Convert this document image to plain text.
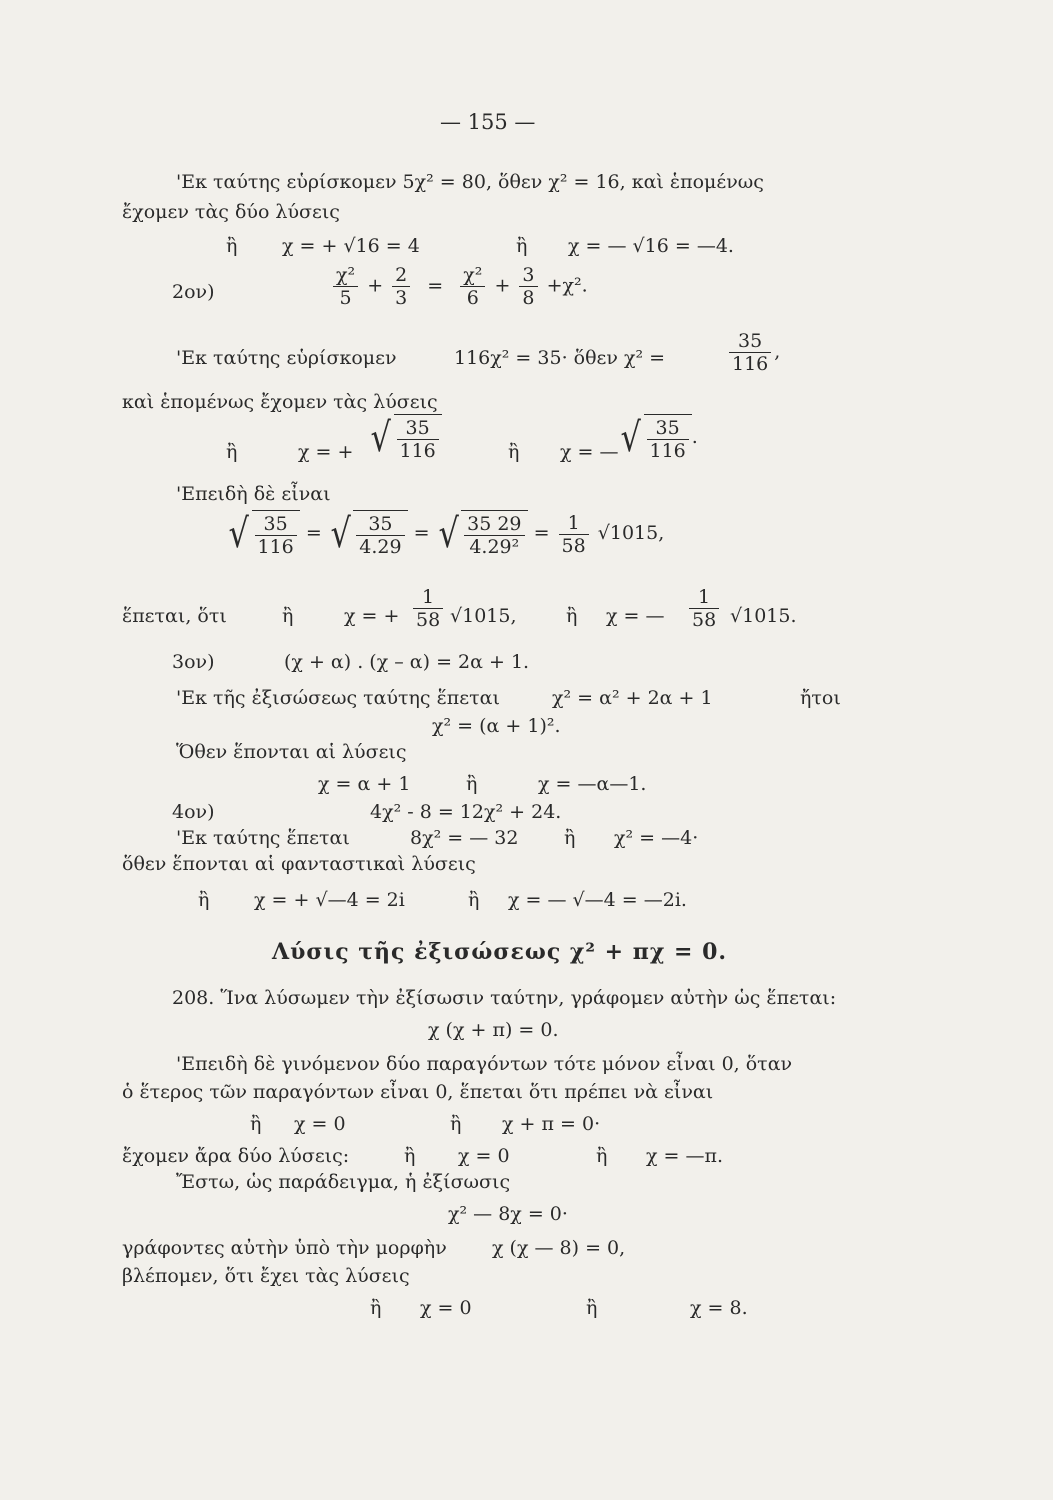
— 155 —
'Εκ ταύτης εὑρίσκομεν 5χ² = 80, ὅθεν χ² = 16, καὶ ἑπομένως
ἔχομεν τὰς δύο λύσεις
ἢ χ = + √16 = 4	ἢ χ = — √16 = —4.
2ον)	$\frac{\text{χ²}}{5} + \frac{2}{3} = \frac{\text{χ²}}{6} + \frac{3}{8} +\chi^2$.
'Εκ ταύτης εὑρίσκομεν	116χ² = 35· ὅθεν χ² =	$\frac{35}{116}$ ,
καὶ ἑπομένως ἔχομεν τὰς λύσεις
ἢ	χ = + √ $\frac{35}{116}$	ἢ χ = — √ $\frac{35}{116}$ .
'Επειδὴ δὲ εἶναι
√ $\frac{35}{116}$ = √ $\frac{35}{4.29}$ = √ $\frac{35 29}{\text{4.29²}} = \frac{1}{58} √1015$,
ἕπεται, ὅτι	ἢ	χ = + $\frac{1}{58} √1015$,	ἢ χ = — $\frac{1}{58} √1015$.
3ον)	(χ + α) . (χ – α) = 2α + 1.
'Εκ τῆς ἐξισώσεως ταύτης ἕπεται	χ² = α² + 2α + 1	ἤτοι
χ² = (α + 1)².
Ὅθεν ἕπονται αἱ λύσεις
χ = α + 1	ἢ	χ = —α—1.
4ον)	4χ² - 8 = 12χ² + 24.
'Εκ ταύτης ἕπεται	8χ² = — 32 ἢ χ² = —4·
ὅθεν ἕπονται αἱ φανταστικαὶ λύσεις
ἢ χ = + √—4 = 2i	ἢ χ = — √—4 = —2i.
Λύσις τῆς ἐξισώσεως χ² + πχ = 0.
208. Ἵνα λύσωμεν τὴν ἐξίσωσιν ταύτην, γράφομεν αὐτὴν ὡς ἕπεται:
χ (χ + π) = 0.
'Επειδὴ δὲ γινόμενον δύο παραγόντων τότε μόνον εἶναι 0, ὅταν
ὁ ἕτερος τῶν παραγόντων εἶναι 0, ἕπεται ὅτι πρέπει νὰ εἶναι
ἢ χ = 0	ἢ χ + π = 0·
ἔχομεν ἄρα δύο λύσεις:	ἢ χ = 0	ἢ χ = —π.
Ἔστω, ὡς παράδειγμα, ἡ ἐξίσωσις
χ² — 8χ = 0·
γράφοντες αὐτὴν ὑπὸ τὴν μορφὴν χ (χ — 8) = 0,
βλέπομεν, ὅτι ἔχει τὰς λύσεις
ἢ χ = 0	ἢ	χ = 8.
